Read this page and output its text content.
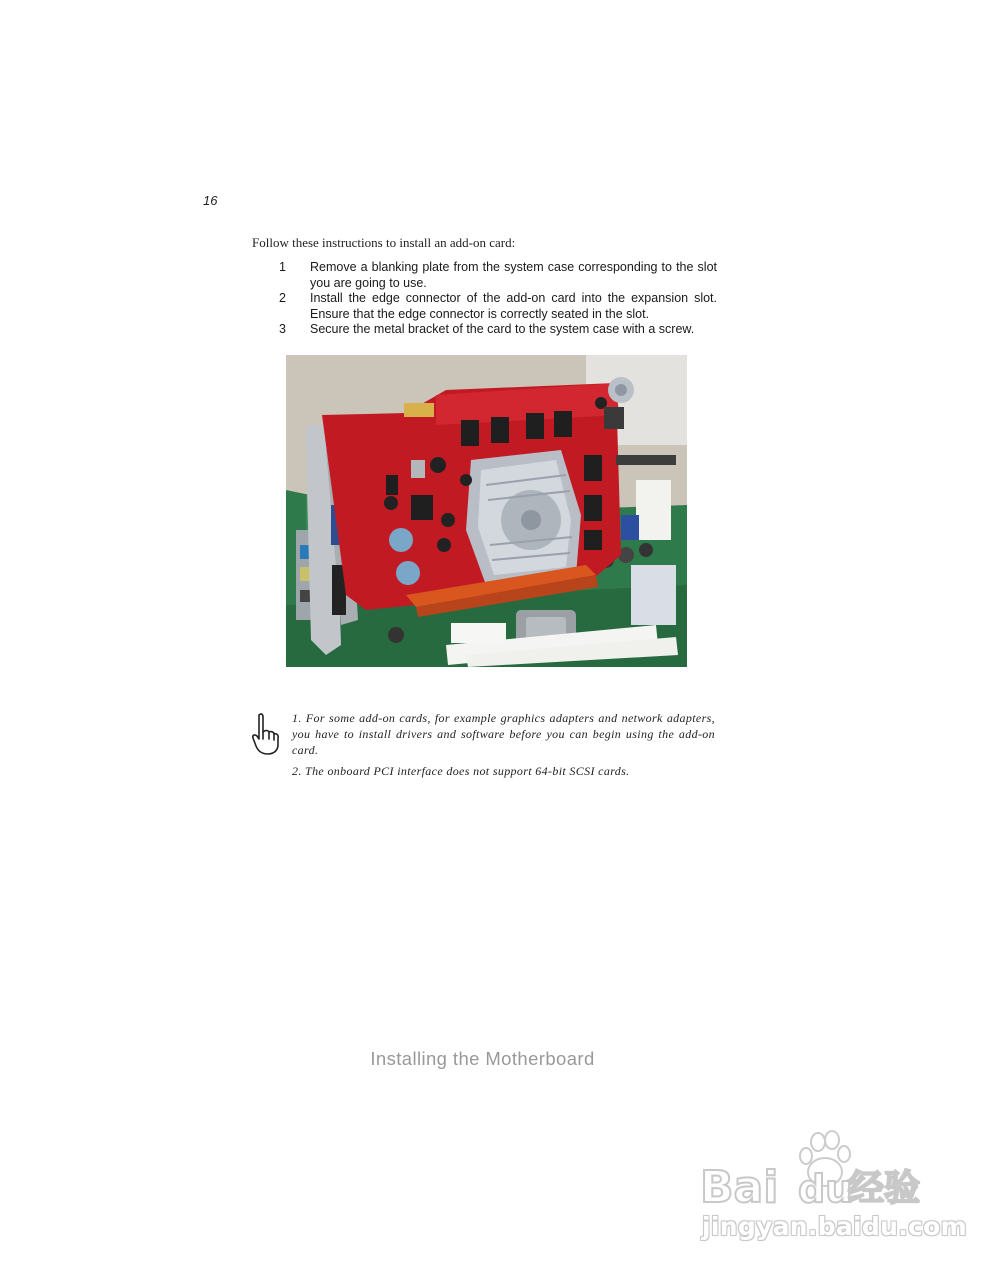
16
Follow these instructions to install an add-on card:
1	Remove a blanking plate from the system case corresponding to the slot you are going to use.
2	Install the edge connector of the add-on card into the expansion slot. Ensure that the edge connector is correctly seated in the slot.
3	Secure the metal bracket of the card to the system case with a screw.

1. For some add-on cards, for example graphics adapters and network adapters, you have to install drivers and software before you can begin using the add-on card.

2. The onboard PCI interface does not support 64-bit SCSI cards.

Installing the Motherboard
Bai du
经验
jingyan.baidu.com
